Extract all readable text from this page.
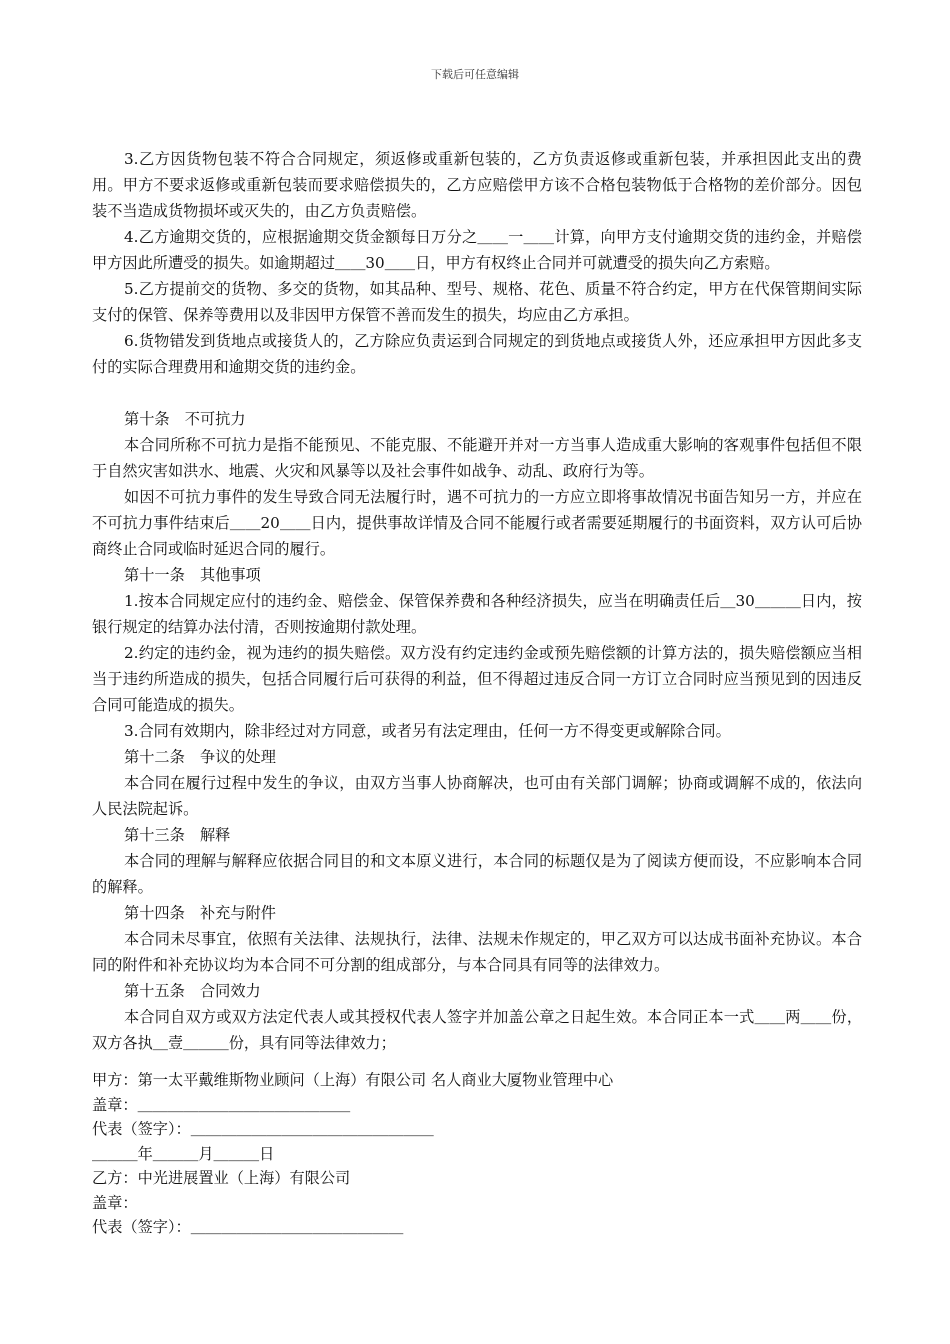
下载后可任意编辑

3.乙方因货物包装不符合合同规定，须返修或重新包装的，乙方负责返修或重新包装，并承担因此支出的费用。甲方不要求返修或重新包装而要求赔偿损失的，乙方应赔偿甲方该不合格包装物低于合格物的差价部分。因包装不当造成货物损坏或灭失的，由乙方负责赔偿。

4.乙方逾期交货的，应根据逾期交货金额每日万分之＿＿一＿＿计算，向甲方支付逾期交货的违约金，并赔偿甲方因此所遭受的损失。如逾期超过＿＿30＿＿日，甲方有权终止合同并可就遭受的损失向乙方索赔。

5.乙方提前交的货物、多交的货物，如其品种、型号、规格、花色、质量不符合约定，甲方在代保管期间实际支付的保管、保养等费用以及非因甲方保管不善而发生的损失，均应由乙方承担。

6.货物错发到货地点或接货人的，乙方除应负责运到合同规定的到货地点或接货人外，还应承担甲方因此多支付的实际合理费用和逾期交货的违约金。

第十条　不可抗力

本合同所称不可抗力是指不能预见、不能克服、不能避开并对一方当事人造成重大影响的客观事件包括但不限于自然灾害如洪水、地震、火灾和风暴等以及社会事件如战争、动乱、政府行为等。

如因不可抗力事件的发生导致合同无法履行时，遇不可抗力的一方应立即将事故情况书面告知另一方，并应在不可抗力事件结束后＿＿20＿＿日内，提供事故详情及合同不能履行或者需要延期履行的书面资料，双方认可后协商终止合同或临时延迟合同的履行。

第十一条　其他事项

1.按本合同规定应付的违约金、赔偿金、保管保养费和各种经济损失，应当在明确责任后＿30＿＿＿日内，按银行规定的结算办法付清，否则按逾期付款处理。

2.约定的违约金，视为违约的损失赔偿。双方没有约定违约金或预先赔偿额的计算方法的，损失赔偿额应当相当于违约所造成的损失，包括合同履行后可获得的利益，但不得超过违反合同一方订立合同时应当预见到的因违反合同可能造成的损失。

3.合同有效期内，除非经过对方同意，或者另有法定理由，任何一方不得变更或解除合同。

第十二条　争议的处理

本合同在履行过程中发生的争议，由双方当事人协商解决，也可由有关部门调解；协商或调解不成的，依法向人民法院起诉。

第十三条　解释

本合同的理解与解释应依据合同目的和文本原义进行，本合同的标题仅是为了阅读方便而设，不应影响本合同的解释。

第十四条　补充与附件

本合同未尽事宜，依照有关法律、法规执行，法律、法规未作规定的，甲乙双方可以达成书面补充协议。本合同的附件和补充协议均为本合同不可分割的组成部分，与本合同具有同等的法律效力。

第十五条　合同效力

本合同自双方或双方法定代表人或其授权代表人签字并加盖公章之日起生效。本合同正本一式＿＿两＿＿份，双方各执＿壹＿＿＿份，具有同等法律效力；

甲方：第一太平戴维斯物业顾问（上海）有限公司 名人商业大厦物业管理中心

盖章：＿＿＿＿＿＿＿＿＿＿＿＿＿＿

代表（签字）：＿＿＿＿＿＿＿＿＿＿＿＿＿＿＿＿

＿＿＿年＿＿＿月＿＿＿日

乙方：中光进展置业（上海）有限公司

盖章：

代表（签字）：＿＿＿＿＿＿＿＿＿＿＿＿＿＿
